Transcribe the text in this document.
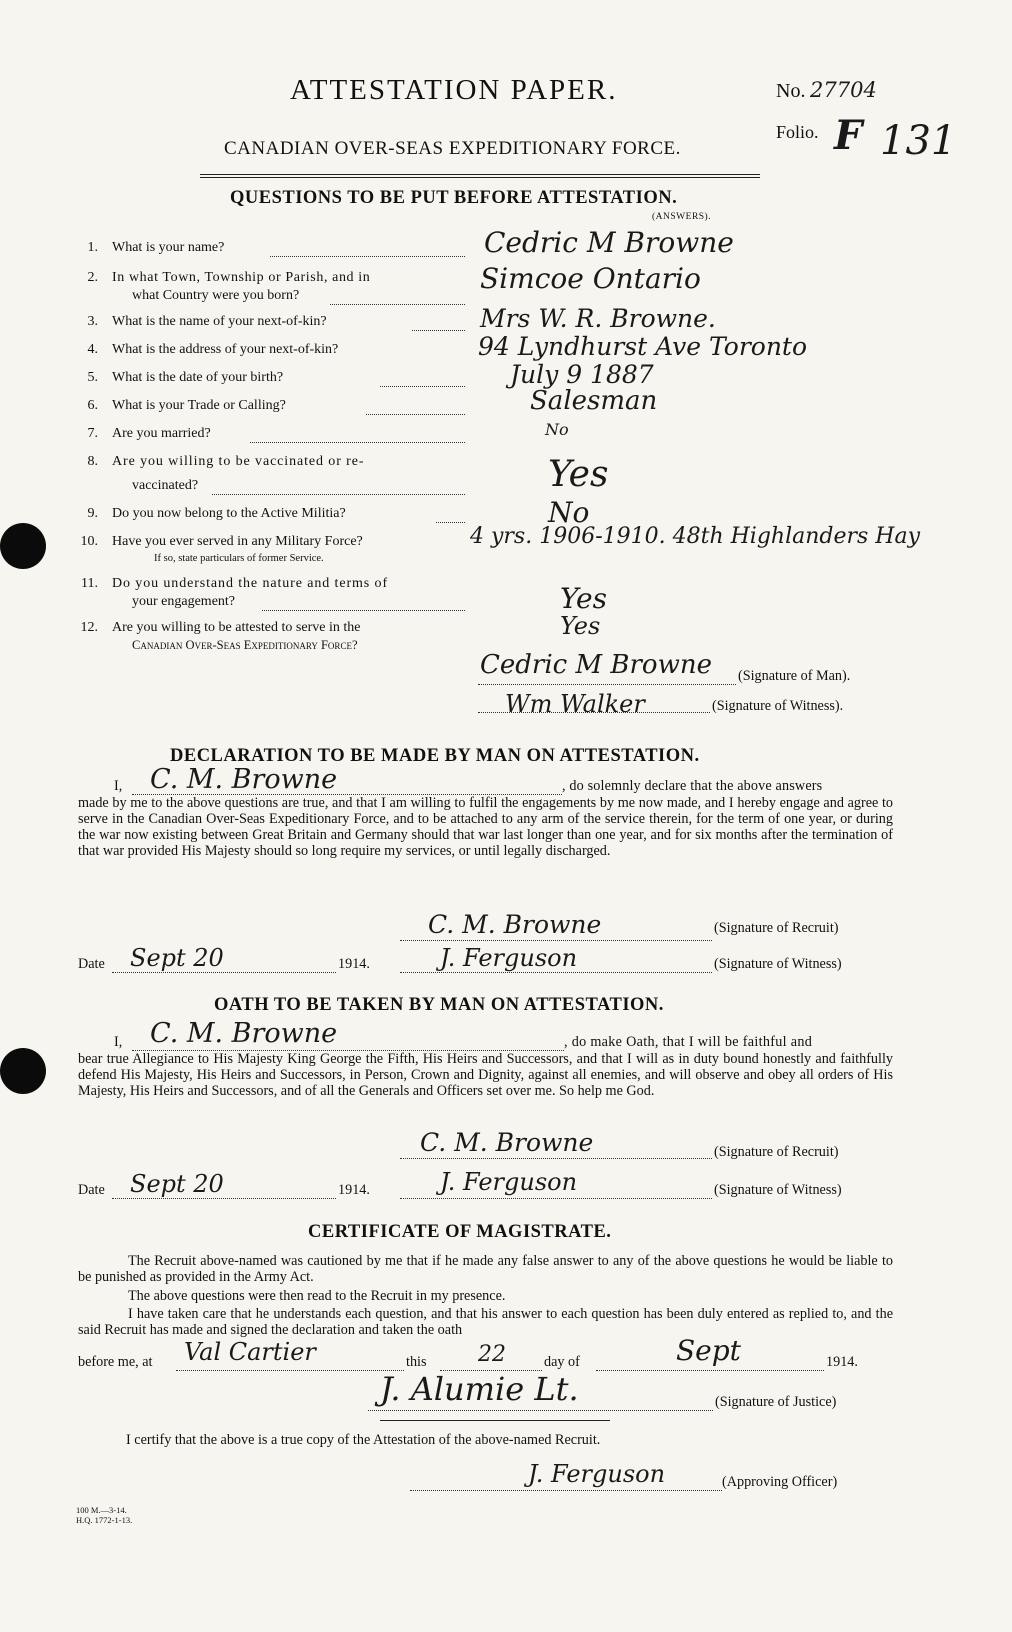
ATTESTATION PAPER.
CANADIAN OVER-SEAS EXPEDITIONARY FORCE.
No. 27704
Folio. 131
F
QUESTIONS TO BE PUT BEFORE ATTESTATION.
(ANSWERS).
1. What is your name?	Cedric M Browne
2. In what Town, Township or Parish, and in
what Country were you born?
Simcoe Ontario
3. What is the name of your next-of-kin?	Mrs W. R. Browne.
4. What is the address of your next-of-kin?	94 Lyndhurst Ave Toronto
5. What is the date of your birth?	July 9 1887
6. What is your Trade or Calling?	Salesman
7. Are you married?	No
8. Are you willing to be vaccinated or re-
vaccinated?	Yes
9. Do you now belong to the Active Militia?	No
10. Have you ever served in any Military Force?
If so, state particulars of former Service.
4 yrs. 1906-1910. 48th Highlanders Hay
11. Do you understand the nature and terms of
your engagement?	Yes
12. Are you willing to be attested to serve in the
Canadian Over-Seas Expeditionary Force?
Yes
Cedric M Browne (Signature of Man).
Wm Walker	(Signature of Witness).
DECLARATION TO BE MADE BY MAN ON ATTESTATION.
I, C. M. Browne	, do solemnly declare that the above answers
made by me to the above questions are true, and that I am willing to fulfil the engagements by me now made, and I hereby engage and agree to serve in the Canadian Over-Seas Expeditionary Force, and to be attached to any arm of the service therein, for the term of one year, or during the war now existing between Great Britain and Germany should that war last longer than one year, and for six months after the termination of that war provided His Majesty should so long require my services, or until legally discharged.
C. M. Browne	(Signature of Recruit)
Date Sept 20	1914.	J. Ferguson	(Signature of Witness)
OATH TO BE TAKEN BY MAN ON ATTESTATION.
I, C. M. Browne	, do make Oath, that I will be faithful and
bear true Allegiance to His Majesty King George the Fifth, His Heirs and Successors, and that I will as in duty bound honestly and faithfully defend His Majesty, His Heirs and Successors, in Person, Crown and Dignity, against all enemies, and will observe and obey all orders of His Majesty, His Heirs and Successors, and of all the Generals and Officers set over me. So help me God.
C. M. Browne	(Signature of Recruit)
Date Sept 20	1914.	J. Ferguson	(Signature of Witness)
CERTIFICATE OF MAGISTRATE.
The Recruit above-named was cautioned by me that if he made any false answer to any of the above questions he would be liable to be punished as provided in the Army Act.
The above questions were then read to the Recruit in my presence.
I have taken care that he understands each question, and that his answer to each question has been duly entered as replied to, and the said Recruit has made and signed the declaration and taken the oath
before me, at Val Cartier	this 22	day of	Sept	1914.
J. Alumie Lt.	(Signature of Justice)
I certify that the above is a true copy of the Attestation of the above-named Recruit.
J. Ferguson	(Approving Officer)
100 M.—3-14.
H.Q. 1772-1-13.
